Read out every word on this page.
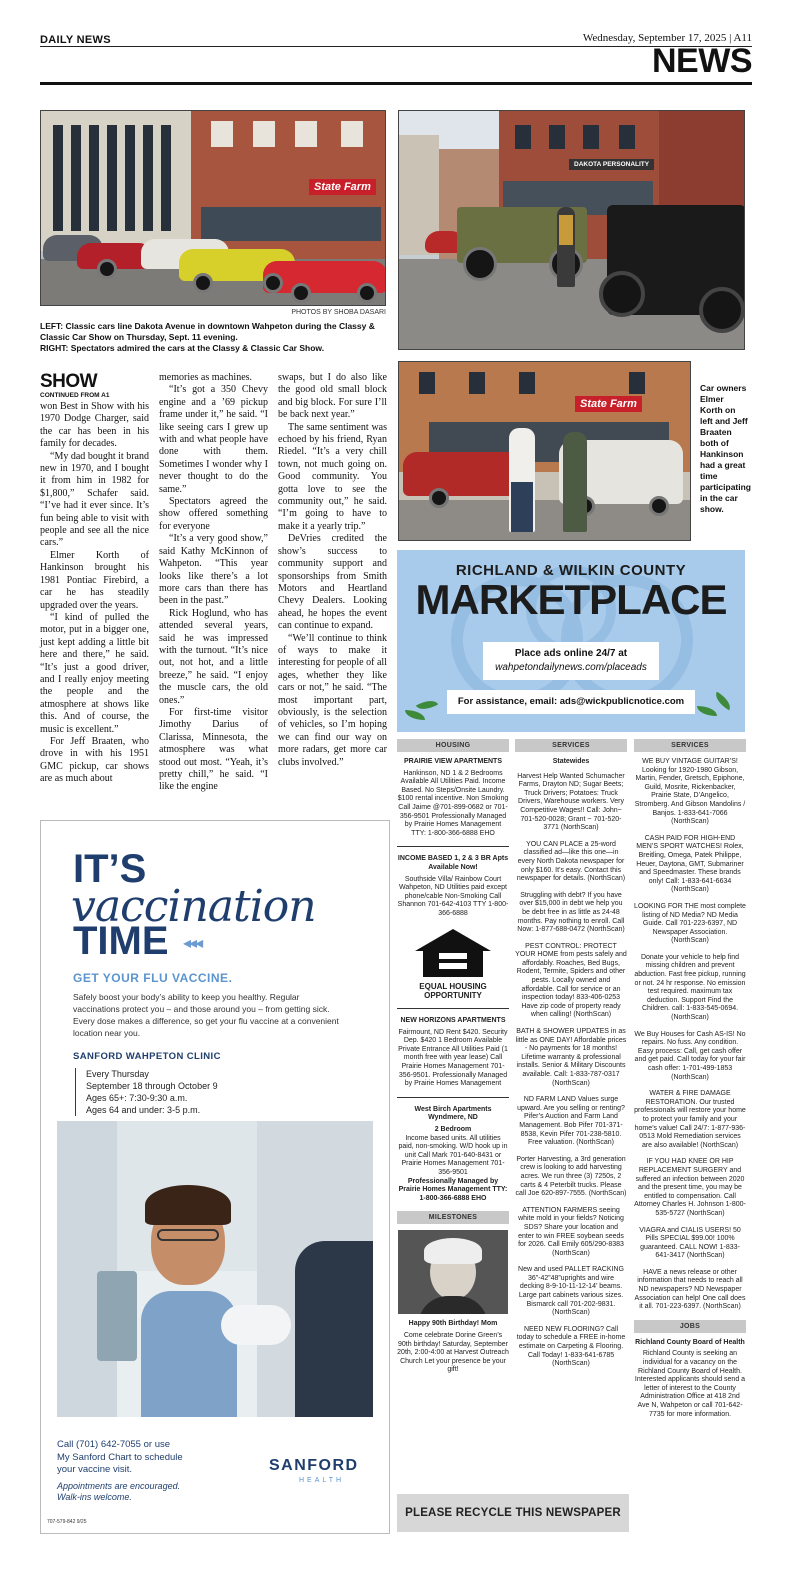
DAILY NEWS	Wednesday, September 17, 2025 | A11
NEWS
State Farm
DAKOTA PERSONALITY
PHOTOS BY SHOBA DASARI
LEFT: Classic cars line Dakota Avenue in downtown Wahpeton during the Classy & Classic Car Show on Thursday, Sept. 11 evening.
RIGHT: Spectators admired the cars at the Classy & Classic Car Show.
State Farm
Car owners Elmer Korth on left and Jeff Braaten both of Hankinson had a great time participating in the car show.
SHOW
CONTINUED FROM A1

won Best in Show with his 1970 Dodge Charger, said the car has been in his family for decades.

“My dad bought it brand new in 1970, and I bought it from him in 1982 for $1,800,” Schafer said. “I’ve had it ever since. It’s fun being able to visit with people and see all the nice cars.”

Elmer Korth of Hankinson brought his 1981 Pontiac Firebird, a car he has steadily upgraded over the years.

“I kind of pulled the motor, put in a bigger one, just kept adding a little bit here and there,” he said. “It’s just a good driver, and I really enjoy meeting the people and the atmosphere at shows like this. And of course, the music is excellent.”

For Jeff Braaten, who drove in with his 1951 GMC pickup, car shows are as much about

memories as machines.

“It’s got a 350 Chevy engine and a ’69 pickup frame under it,” he said. “I like seeing cars I grew up with and what people have done with them. Sometimes I wonder why I never thought to do the same.”

Spectators agreed the show offered something for everyone

“It’s a very good show,” said Kathy McKinnon of Wahpeton. “This year looks like there’s a lot more cars than there has been in the past.”

Rick Hoglund, who has attended several years, said he was impressed with the turnout. “It’s nice out, not hot, and a little breeze,” he said. “I enjoy the muscle cars, the old ones.”

For first-time visitor Jimothy Darius of Clarissa, Minnesota, the atmosphere was what stood out most. “Yeah, it’s pretty chill,” he said. “I like the engine

swaps, but I do also like the good old small block and big block. For sure I’ll be back next year.”

The same sentiment was echoed by his friend, Ryan Riedel. “It’s a very chill town, not much going on. Good community. You gotta love to see the community out,” he said. “I’m going to have to make it a yearly trip.”

DeVries credited the show’s success to community support and sponsorships from Smith Motors and Heartland Chevy Dealers. Looking ahead, he hopes the event can continue to expand.

“We’ll continue to think of ways to make it interesting for people of all ages, whether they like cars or not,” he said. “The most important part, obviously, is the selection of vehicles, so I’m hoping we can find our way on more radars, get more car clubs involved.”

IT’S
vaccination
TIME ◂◂◂
GET YOUR FLU VACCINE.
Safely boost your body’s ability to keep you healthy. Regular vaccinations protect you – and those around you – from getting sick. Every dose makes a difference, so get your flu vaccine at a convenient location near you.
SANFORD WAHPETON CLINIC
Every Thursday
September 18 through October 9
Ages 65+: 7:30-9:30 a.m.
Ages 64 and under: 3-5 p.m.
Call (701) 642-7055 or use
My Sanford Chart to schedule
your vaccine visit.
Appointments are encouraged.
Walk-ins welcome.
SANFORD
HEALTH
707-579-842 9/25
RICHLAND & WILKIN COUNTY
MARKETPLACE
Place ads online 24/7 at
wahpetondailynews.com/placeads
For assistance, email: ads@wickpublicnotice.com
HOUSING
PRAIRIE VIEW APARTMENTS
Hankinson, ND 1 & 2 Bedrooms Available All Utilities Paid. Income Based. No Steps/Onsite Laundry. $100 rental incentive. Non Smoking Call Jaime @701-899-0682 or 701-356-9501 Professionally Managed by Prairie Homes Management TTY: 1-800-366-6888 EHO
INCOME BASED 1, 2 & 3 BR Apts Available Now!
Southside Villa/ Rainbow Court Wahpeton, ND Utilities paid except phone/cable Non-Smoking Call Shannon 701-642-4103 TTY 1-800-366-6888
EQUAL HOUSING OPPORTUNITY
NEW HORIZONS APARTMENTS
Fairmount, ND Rent $420. Security Dep. $420 1 Bedroom Available Private Entrance All Utilities Paid (1 month free with year lease) Call Prairie Homes Management 701-356-9501. Professionally Managed by Prairie Homes Management
West Birch Apartments Wyndmere, ND
2 Bedroom
Income based units. All utilities paid, non-smoking. W/D hook up in unit Call Mark 701-640-8431 or Prairie Homes Management 701-356-9501
Professionally Managed by Prairie Homes Management TTY: 1-800-366-6888 EHO
MILESTONES
Happy 90th Birthday! Mom
Come celebrate Dorine Green’s 90th birthday! Saturday, September 20th, 2:00-4:00 at Harvest Outreach Church Let your presence be your gift!
SERVICES
Statewides
Harvest Help Wanted Schumacher Farms, Drayton ND; Sugar Beets; Truck Drivers; Potatoes: Truck Drivers, Warehouse workers. Very Competitive Wages!! Call: John~ 701-520-0028; Grant ~ 701-520-3771 (NorthScan)
YOU CAN PLACE a 25-word classified ad—like this one—in every North Dakota newspaper for only $160. It’s easy. Contact this newspaper for details. (NorthScan)
Struggling with debt? If you have over $15,000 in debt we help you be debt free in as little as 24-48 months. Pay nothing to enroll. Call Now: 1-877-688-0472 (NorthScan)
PEST CONTROL: PROTECT YOUR HOME from pests safely and affordably. Roaches, Bed Bugs, Rodent, Termite, Spiders and other pests. Locally owned and affordable. Call for service or an inspection today! 833-406-0253 Have zip code of property ready when calling! (NorthScan)
BATH & SHOWER UPDATES in as little as ONE DAY! Affordable prices - No payments for 18 months! Lifetime warranty & professional installs. Senior & Military Discounts available. Call: 1-833-787-0317 (NorthScan)
ND FARM LAND Values surge upward. Are you selling or renting? Pifer’s Auction and Farm Land Management. Bob Pifer 701-371-8538, Kevin Pifer 701-238-5810. Free valuation. (NorthScan)
Porter Harvesting, a 3rd generation crew is looking to add harvesting acres. We run three (3) 7250s, 2 carts & 4 Peterbilt trucks. Please call Joe 620-897-7555. (NorthScan)
ATTENTION FARMERS seeing white mold in your fields? Noticing SDS? Share your location and enter to win FREE soybean seeds for 2026. Call Emily 605/290-8383 (NorthScan)
New and used PALLET RACKING 36”-42”48”uprights and wire decking 8-9-10-11-12-14’ beams. Large part cabinets various sizes. Bismarck call 701-202-9831. (NorthScan)
NEED NEW FLOORING? Call today to schedule a FREE in-home estimate on Carpeting & Flooring. Call Today! 1-833-641-6785 (NorthScan)
SERVICES
WE BUY VINTAGE GUITAR’S! Looking for 1920-1980 Gibson, Martin, Fender, Gretsch, Epiphone, Guild, Mosrite, Rickenbacker, Prairie State, D’Angelico, Stromberg. And Gibson Mandolins / Banjos. 1-833-641-7066 (NorthScan)
CASH PAID FOR HIGH-END MEN’S SPORT WATCHES! Rolex, Breitling, Omega, Patek Philippe, Heuer, Daytona, GMT, Submariner and Speedmaster. These brands only! Call: 1-833-641-6634 (NorthScan)
LOOKING FOR THE most complete listing of ND Media? ND Media Guide. Call 701-223-6397, ND Newspaper Association. (NorthScan)
Donate your vehicle to help find missing children and prevent abduction. Fast free pickup, running or not. 24 hr response. No emission test required. maximum tax deduction. Support Find the Children. call: 1-833-545-0694. (NorthScan)
We Buy Houses for Cash AS-IS! No repairs. No fuss. Any condition. Easy process: Call, get cash offer and get paid. Call today for your fair cash offer: 1-701-499-1853 (NorthScan)
WATER & FIRE DAMAGE RESTORATION. Our trusted professionals will restore your home to protect your family and your home’s value! Call 24/7: 1-877-936-0513 Mold Remediation services are also available! (NorthScan)
IF YOU HAD KNEE OR HIP REPLACEMENT SURGERY and suffered an infection between 2020 and the present time, you may be entitled to compensation. Call Attorney Charles H. Johnson 1-800-535-5727 (NorthScan)
VIAGRA and CIALIS USERS! 50 Pills SPECIAL $99.00! 100% guaranteed. CALL NOW! 1-833-641-3417 (NorthScan)
HAVE a news release or other information that needs to reach all ND newspapers? ND Newspaper Association can help! One call does it all. 701-223-6397. (NorthScan)
JOBS
Richland County Board of Health
Richland County is seeking an individual for a vacancy on the Richland County Board of Health. Interested applicants should send a letter of interest to the County Administration Office at 418 2nd Ave N, Wahpeton or call 701-642-7735 for more information.
PLEASE RECYCLE THIS NEWSPAPER
